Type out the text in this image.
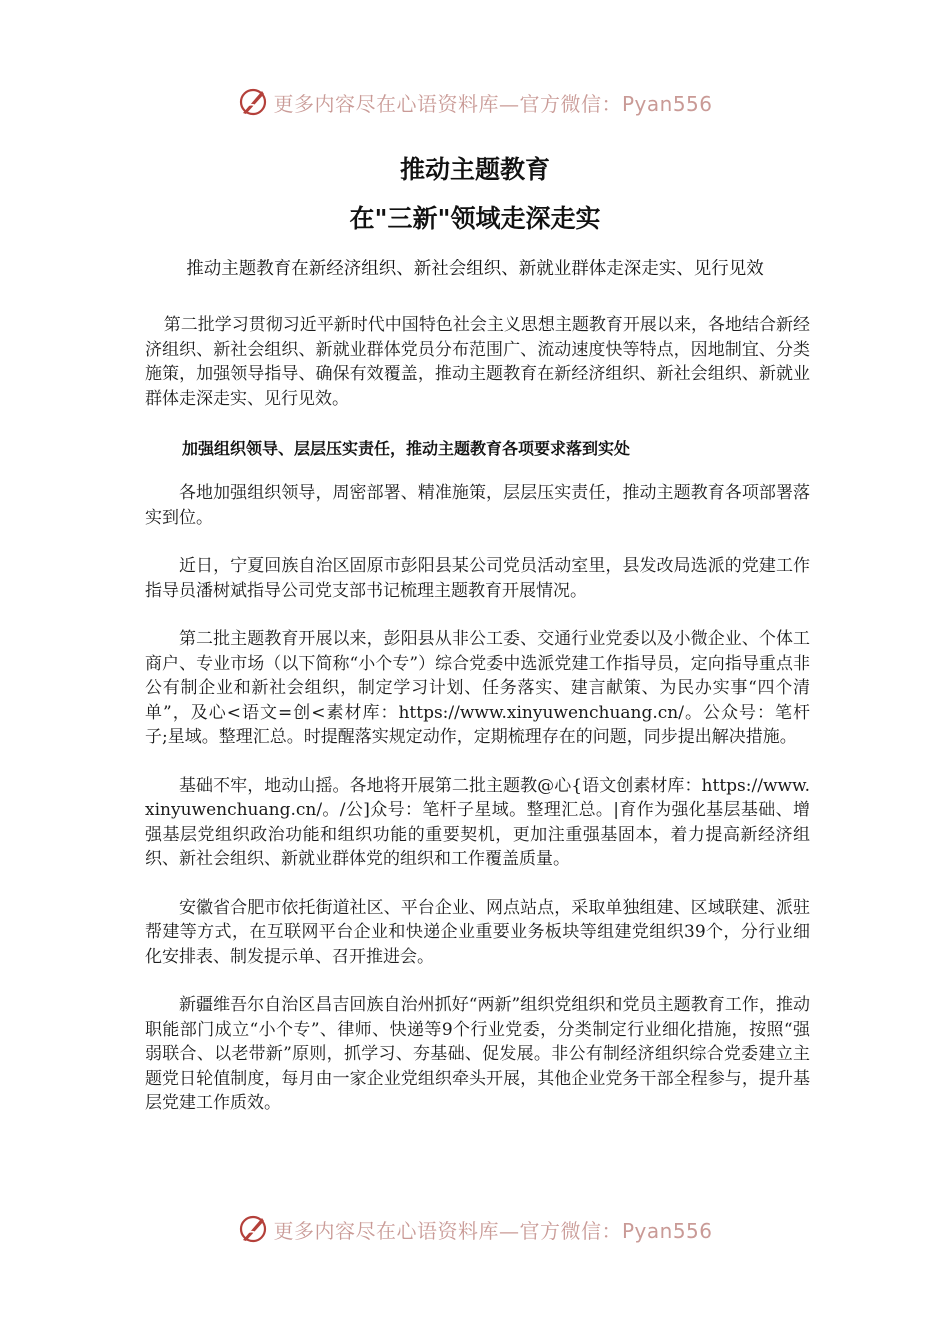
更多内容尽在心语资料库—官方微信：Pyan556
推动主题教育
在"三新"领域走深走实
推动主题教育在新经济组织、新社会组织、新就业群体走深走实、见行见效

第二批学习贯彻习近平新时代中国特色社会主义思想主题教育开展以来，各地结合新经济组织、新社会组织、新就业群体党员分布范围广、流动速度快等特点，因地制宜、分类施策，加强领导指导、确保有效覆盖，推动主题教育在新经济组织、新社会组织、新就业群体走深走实、见行见效。

加强组织领导、层层压实责任，推动主题教育各项要求落到实处

各地加强组织领导，周密部署、精准施策，层层压实责任，推动主题教育各项部署落实到位。

近日，宁夏回族自治区固原市彭阳县某公司党员活动室里，县发改局选派的党建工作指导员潘树斌指导公司党支部书记梳理主题教育开展情况。

第二批主题教育开展以来，彭阳县从非公工委、交通行业党委以及小微企业、个体工商户、专业市场（以下简称“小个专”）综合党委中选派党建工作指导员，定向指导重点非公有制企业和新社会组织，制定学习计划、任务落实、建言献策、为民办实事“四个清单”，及心<语文=创<素材库：https://www.xinyuwenchuang.cn/。公众号：笔杆子;星域。整理汇总。时提醒落实规定动作，定期梳理存在的问题，同步提出解决措施。

基础不牢，地动山摇。各地将开展第二批主题教@心{语文创素材库：https://www.xinyuwenchuang.cn/。/公]众号：笔杆子星域。整理汇总。|育作为强化基层基础、增强基层党组织政治功能和组织功能的重要契机，更加注重强基固本，着力提高新经济组织、新社会组织、新就业群体党的组织和工作覆盖质量。

安徽省合肥市依托街道社区、平台企业、网点站点，采取单独组建、区域联建、派驻帮建等方式，在互联网平台企业和快递企业重要业务板块等组建党组织39个，分行业细化安排表、制发提示单、召开推进会。

新疆维吾尔自治区昌吉回族自治州抓好“两新”组织党组织和党员主题教育工作，推动职能部门成立“小个专”、律师、快递等9个行业党委，分类制定行业细化措施，按照“强弱联合、以老带新”原则，抓学习、夯基础、促发展。非公有制经济组织综合党委建立主题党日轮值制度，每月由一家企业党组织牵头开展，其他企业党务干部全程参与，提升基层党建工作质效。

更多内容尽在心语资料库—官方微信：Pyan556
